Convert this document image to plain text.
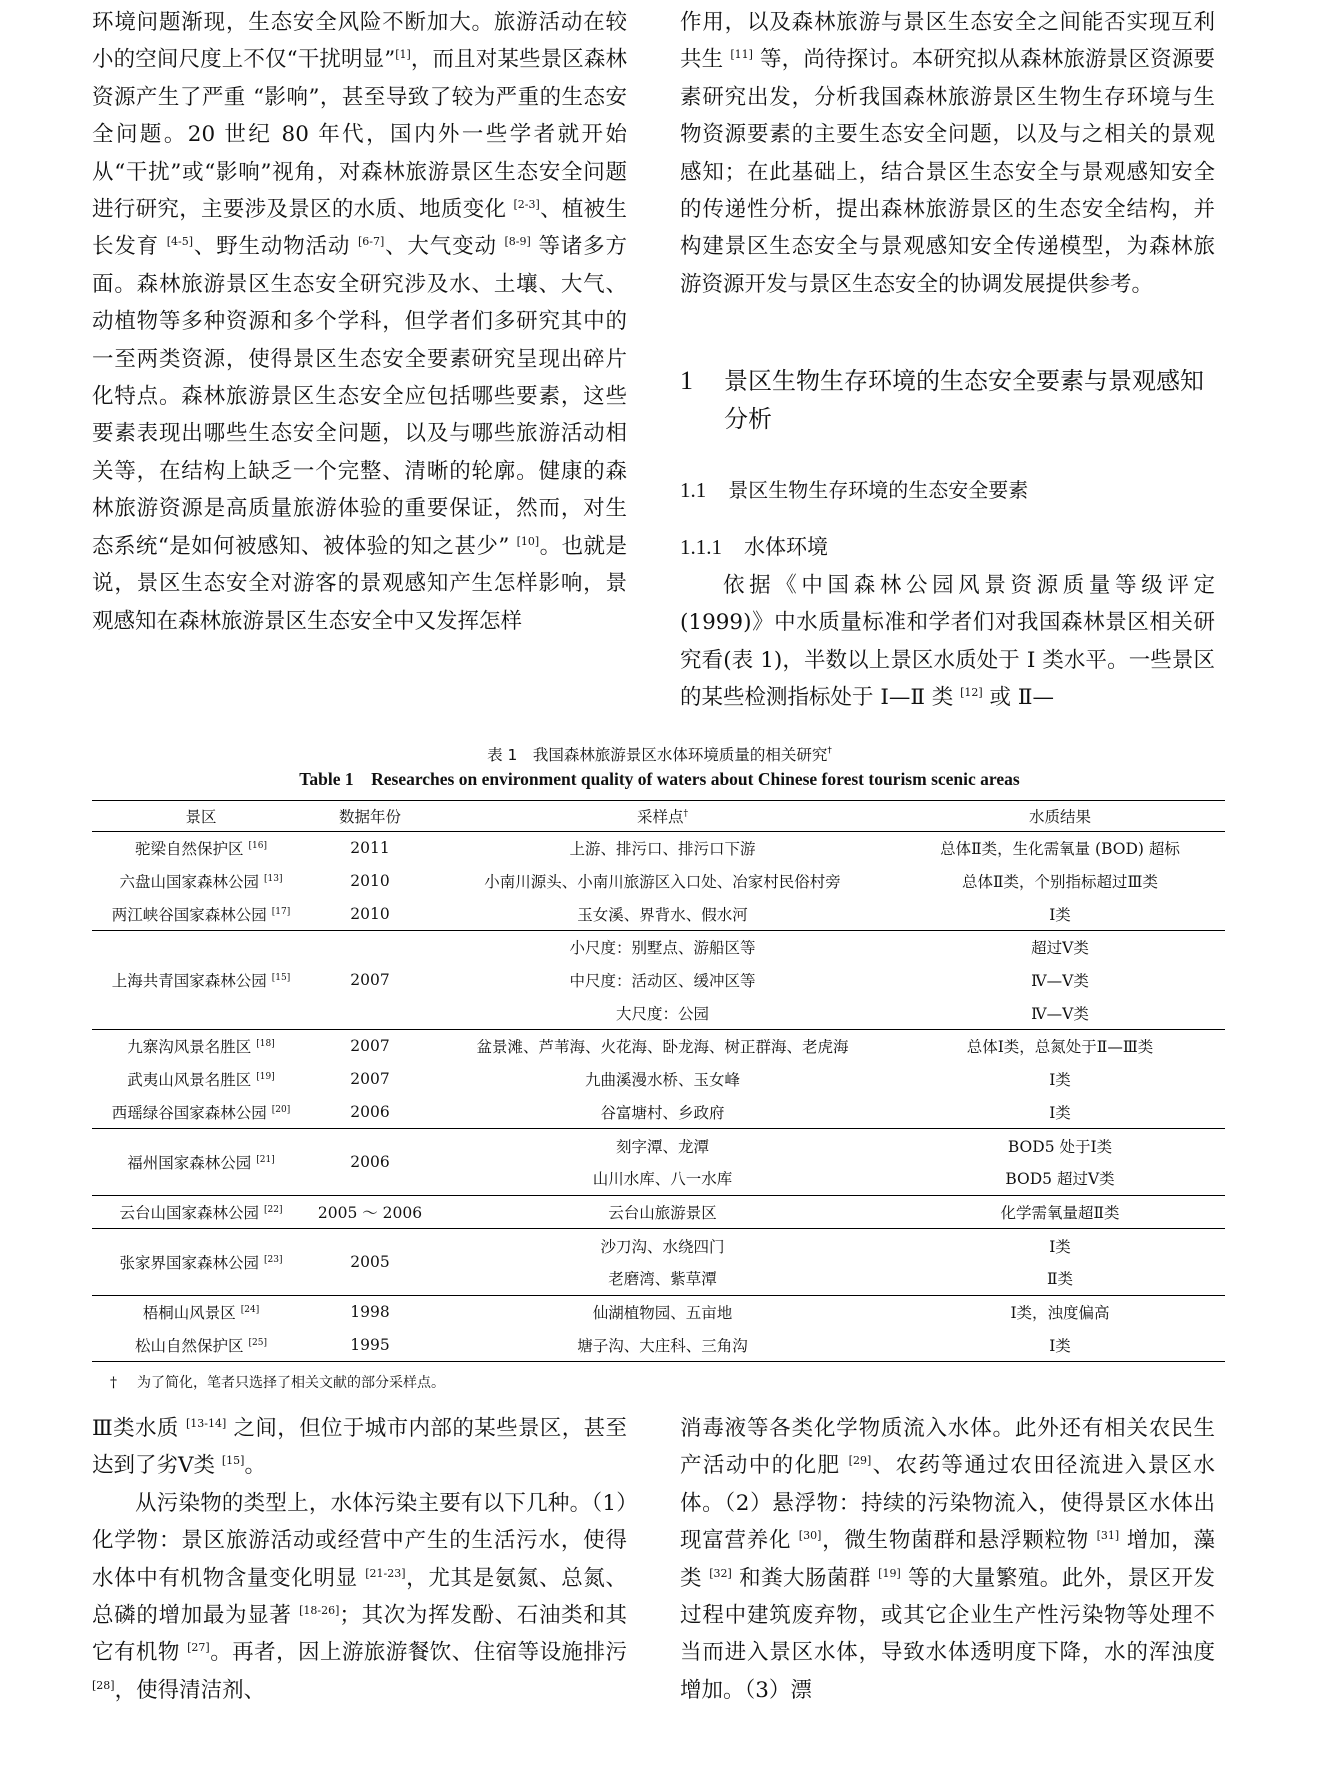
环境问题渐现，生态安全风险不断加大。旅游活动在较小的空间尺度上不仅“干扰明显”[1]，而且对某些景区森林资源产生了严重 “影响”，甚至导致了较为严重的生态安全问题。20 世纪 80 年代，国内外一些学者就开始从“干扰”或“影响”视角，对森林旅游景区生态安全问题进行研究，主要涉及景区的水质、地质变化 [2-3]、植被生长发育 [4-5]、野生动物活动 [6-7]、大气变动 [8-9] 等诸多方面。森林旅游景区生态安全研究涉及水、土壤、大气、动植物等多种资源和多个学科，但学者们多研究其中的一至两类资源，使得景区生态安全要素研究呈现出碎片化特点。森林旅游景区生态安全应包括哪些要素，这些要素表现出哪些生态安全问题，以及与哪些旅游活动相关等，在结构上缺乏一个完整、清晰的轮廓。健康的森林旅游资源是高质量旅游体验的重要保证，然而，对生态系统“是如何被感知、被体验的知之甚少” [10]。也就是说，景区生态安全对游客的景观感知产生怎样影响，景观感知在森林旅游景区生态安全中又发挥怎样

作用，以及森林旅游与景区生态安全之间能否实现互利共生 [11] 等，尚待探讨。本研究拟从森林旅游景区资源要素研究出发，分析我国森林旅游景区生物生存环境与生物资源要素的主要生态安全问题，以及与之相关的景观感知；在此基础上，结合景区生态安全与景观感知安全的传递性分析，提出森林旅游景区的生态安全结构，并构建景区生态安全与景观感知安全传递模型，为森林旅游资源开发与景区生态安全的协调发展提供参考。

1 景区生物生存环境的生态安全要素与景观感知分析
1.1 景区生物生存环境的生态安全要素
1.1.1 水体环境

依据《中国森林公园风景资源质量等级评定 (1999)》中水质量标准和学者们对我国森林景区相关研究看(表 1)，半数以上景区水质处于 Ⅰ 类水平。一些景区的某些检测指标处于 Ⅰ—Ⅱ 类 [12] 或 Ⅱ—

表 1　我国森林旅游景区水体环境质量的相关研究†
Table 1　Researches on environment quality of waters about Chinese forest tourism scenic areas
景区	数据年份	采样点†	水质结果
驼梁自然保护区 [16]	2011	上游、排污口、排污口下游	总体Ⅱ类，生化需氧量 (BOD) 超标
六盘山国家森林公园 [13]	2010	小南川源头、小南川旅游区入口处、冶家村民俗村旁	总体Ⅱ类，个别指标超过Ⅲ类
两江峡谷国家森林公园 [17]	2010	玉女溪、界背水、假水河	Ⅰ类
上海共青国家森林公园 [15]	2007	小尺度：别墅点、游船区等	超过Ⅴ类
		中尺度：活动区、缓冲区等	Ⅳ—Ⅴ类
		大尺度：公园	Ⅳ—Ⅴ类
九寨沟风景名胜区 [18]	2007	盆景滩、芦苇海、火花海、卧龙海、树正群海、老虎海	总体Ⅰ类，总氮处于Ⅱ—Ⅲ类
武夷山风景名胜区 [19]	2007	九曲溪漫水桥、玉女峰	Ⅰ类
西瑶绿谷国家森林公园 [20]	2006	谷富塘村、乡政府	Ⅰ类
福州国家森林公园 [21]	2006	刻字潭、龙潭	BOD5 处于Ⅰ类
		山川水库、八一水库	BOD5 超过Ⅴ类
云台山国家森林公园 [22]	2005 ～ 2006	云台山旅游景区	化学需氧量超Ⅱ类
张家界国家森林公园 [23]	2005	沙刀沟、水绕四门	Ⅰ类
		老磨湾、紫草潭	Ⅱ类
梧桐山风景区 [24]	1998	仙湖植物园、五亩地	Ⅰ类，浊度偏高
松山自然保护区 [25]	1995	塘子沟、大庄科、三角沟	Ⅰ类
† 为了简化，笔者只选择了相关文献的部分采样点。

Ⅲ类水质 [13-14] 之间，但位于城市内部的某些景区，甚至达到了劣Ⅴ类 [15]。

从污染物的类型上，水体污染主要有以下几种。（1）化学物：景区旅游活动或经营中产生的生活污水，使得水体中有机物含量变化明显 [21-23]，尤其是氨氮、总氮、总磷的增加最为显著 [18-26]；其次为挥发酚、石油类和其它有机物 [27]。再者，因上游旅游餐饮、住宿等设施排污 [28]，使得清洁剂、

消毒液等各类化学物质流入水体。此外还有相关农民生产活动中的化肥 [29]、农药等通过农田径流进入景区水体。（2）悬浮物：持续的污染物流入，使得景区水体出现富营养化 [30]，微生物菌群和悬浮颗粒物 [31] 增加，藻类 [32] 和粪大肠菌群 [19] 等的大量繁殖。此外，景区开发过程中建筑废弃物，或其它企业生产性污染物等处理不当而进入景区水体，导致水体透明度下降，水的浑浊度增加。（3）漂
